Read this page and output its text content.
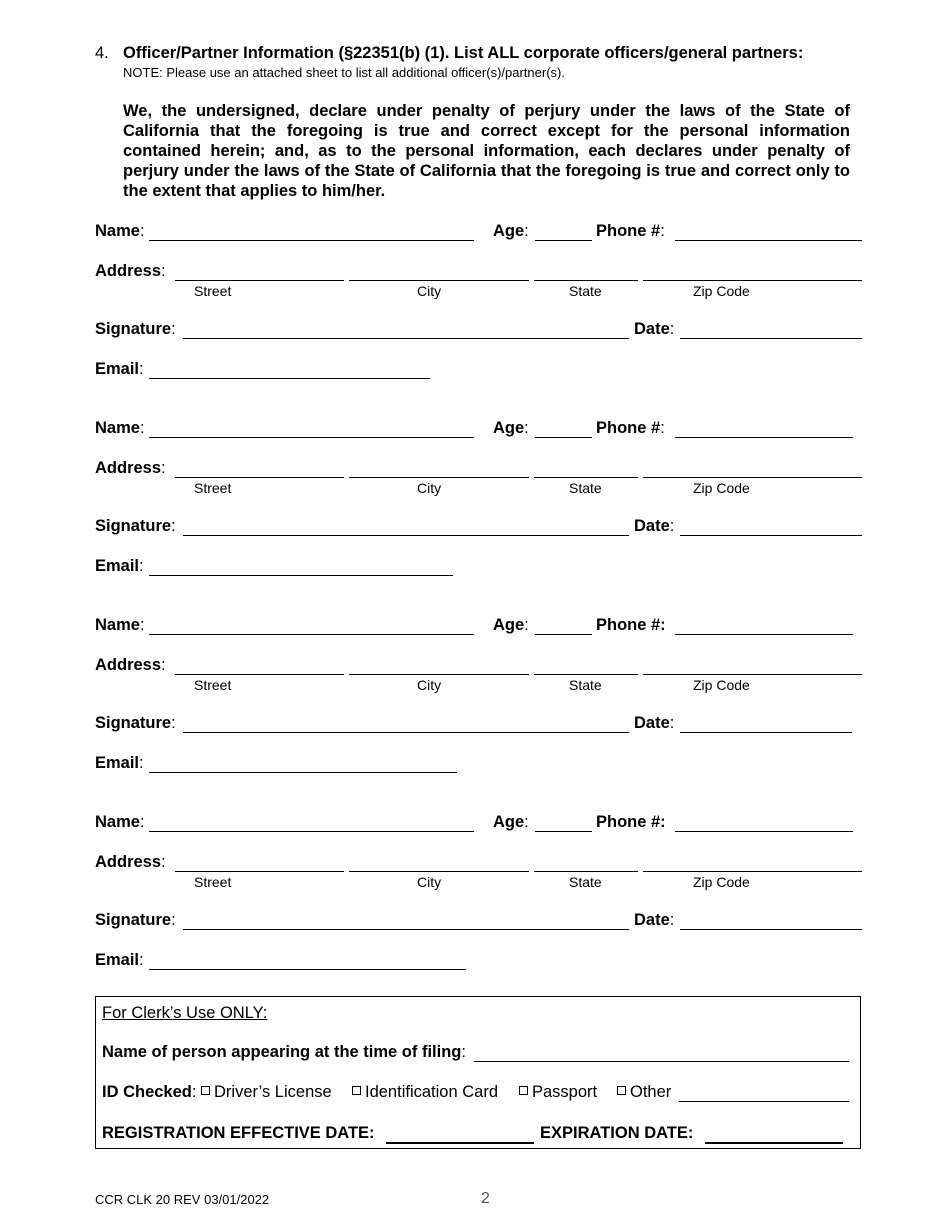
4. Officer/Partner Information (§22351(b) (1). List ALL corporate officers/general partners:
NOTE: Please use an attached sheet to list all additional officer(s)/partner(s).

We, the undersigned, declare under penalty of perjury under the laws of the State of California that the foregoing is true and correct except for the personal information contained herein; and, as to the personal information, each declares under penalty of perjury under the laws of the State of California that the foregoing is true and correct only to the extent that applies to him/her.

Name:	Age:	Phone #:
Address:
Street	City	State	Zip Code
Signature:	Date:
Email:
Name:	Age:	Phone #:
Address:
Street	City	State	Zip Code
Signature:	Date:
Email:
Name:	Age:	Phone #:
Address:
Street	City	State	Zip Code
Signature:	Date:
Email:
Name:	Age:	Phone #:
Address:
Street	City	State	Zip Code
Signature:	Date:
Email:
For Clerk’s Use ONLY:
Name of person appearing at the time of filing:
ID Checked:	Driver’s License	Identification Card	Passport	Other
REGISTRATION EFFECTIVE DATE:	EXPIRATION DATE:
CCR CLK 20 REV 03/01/2022	2
